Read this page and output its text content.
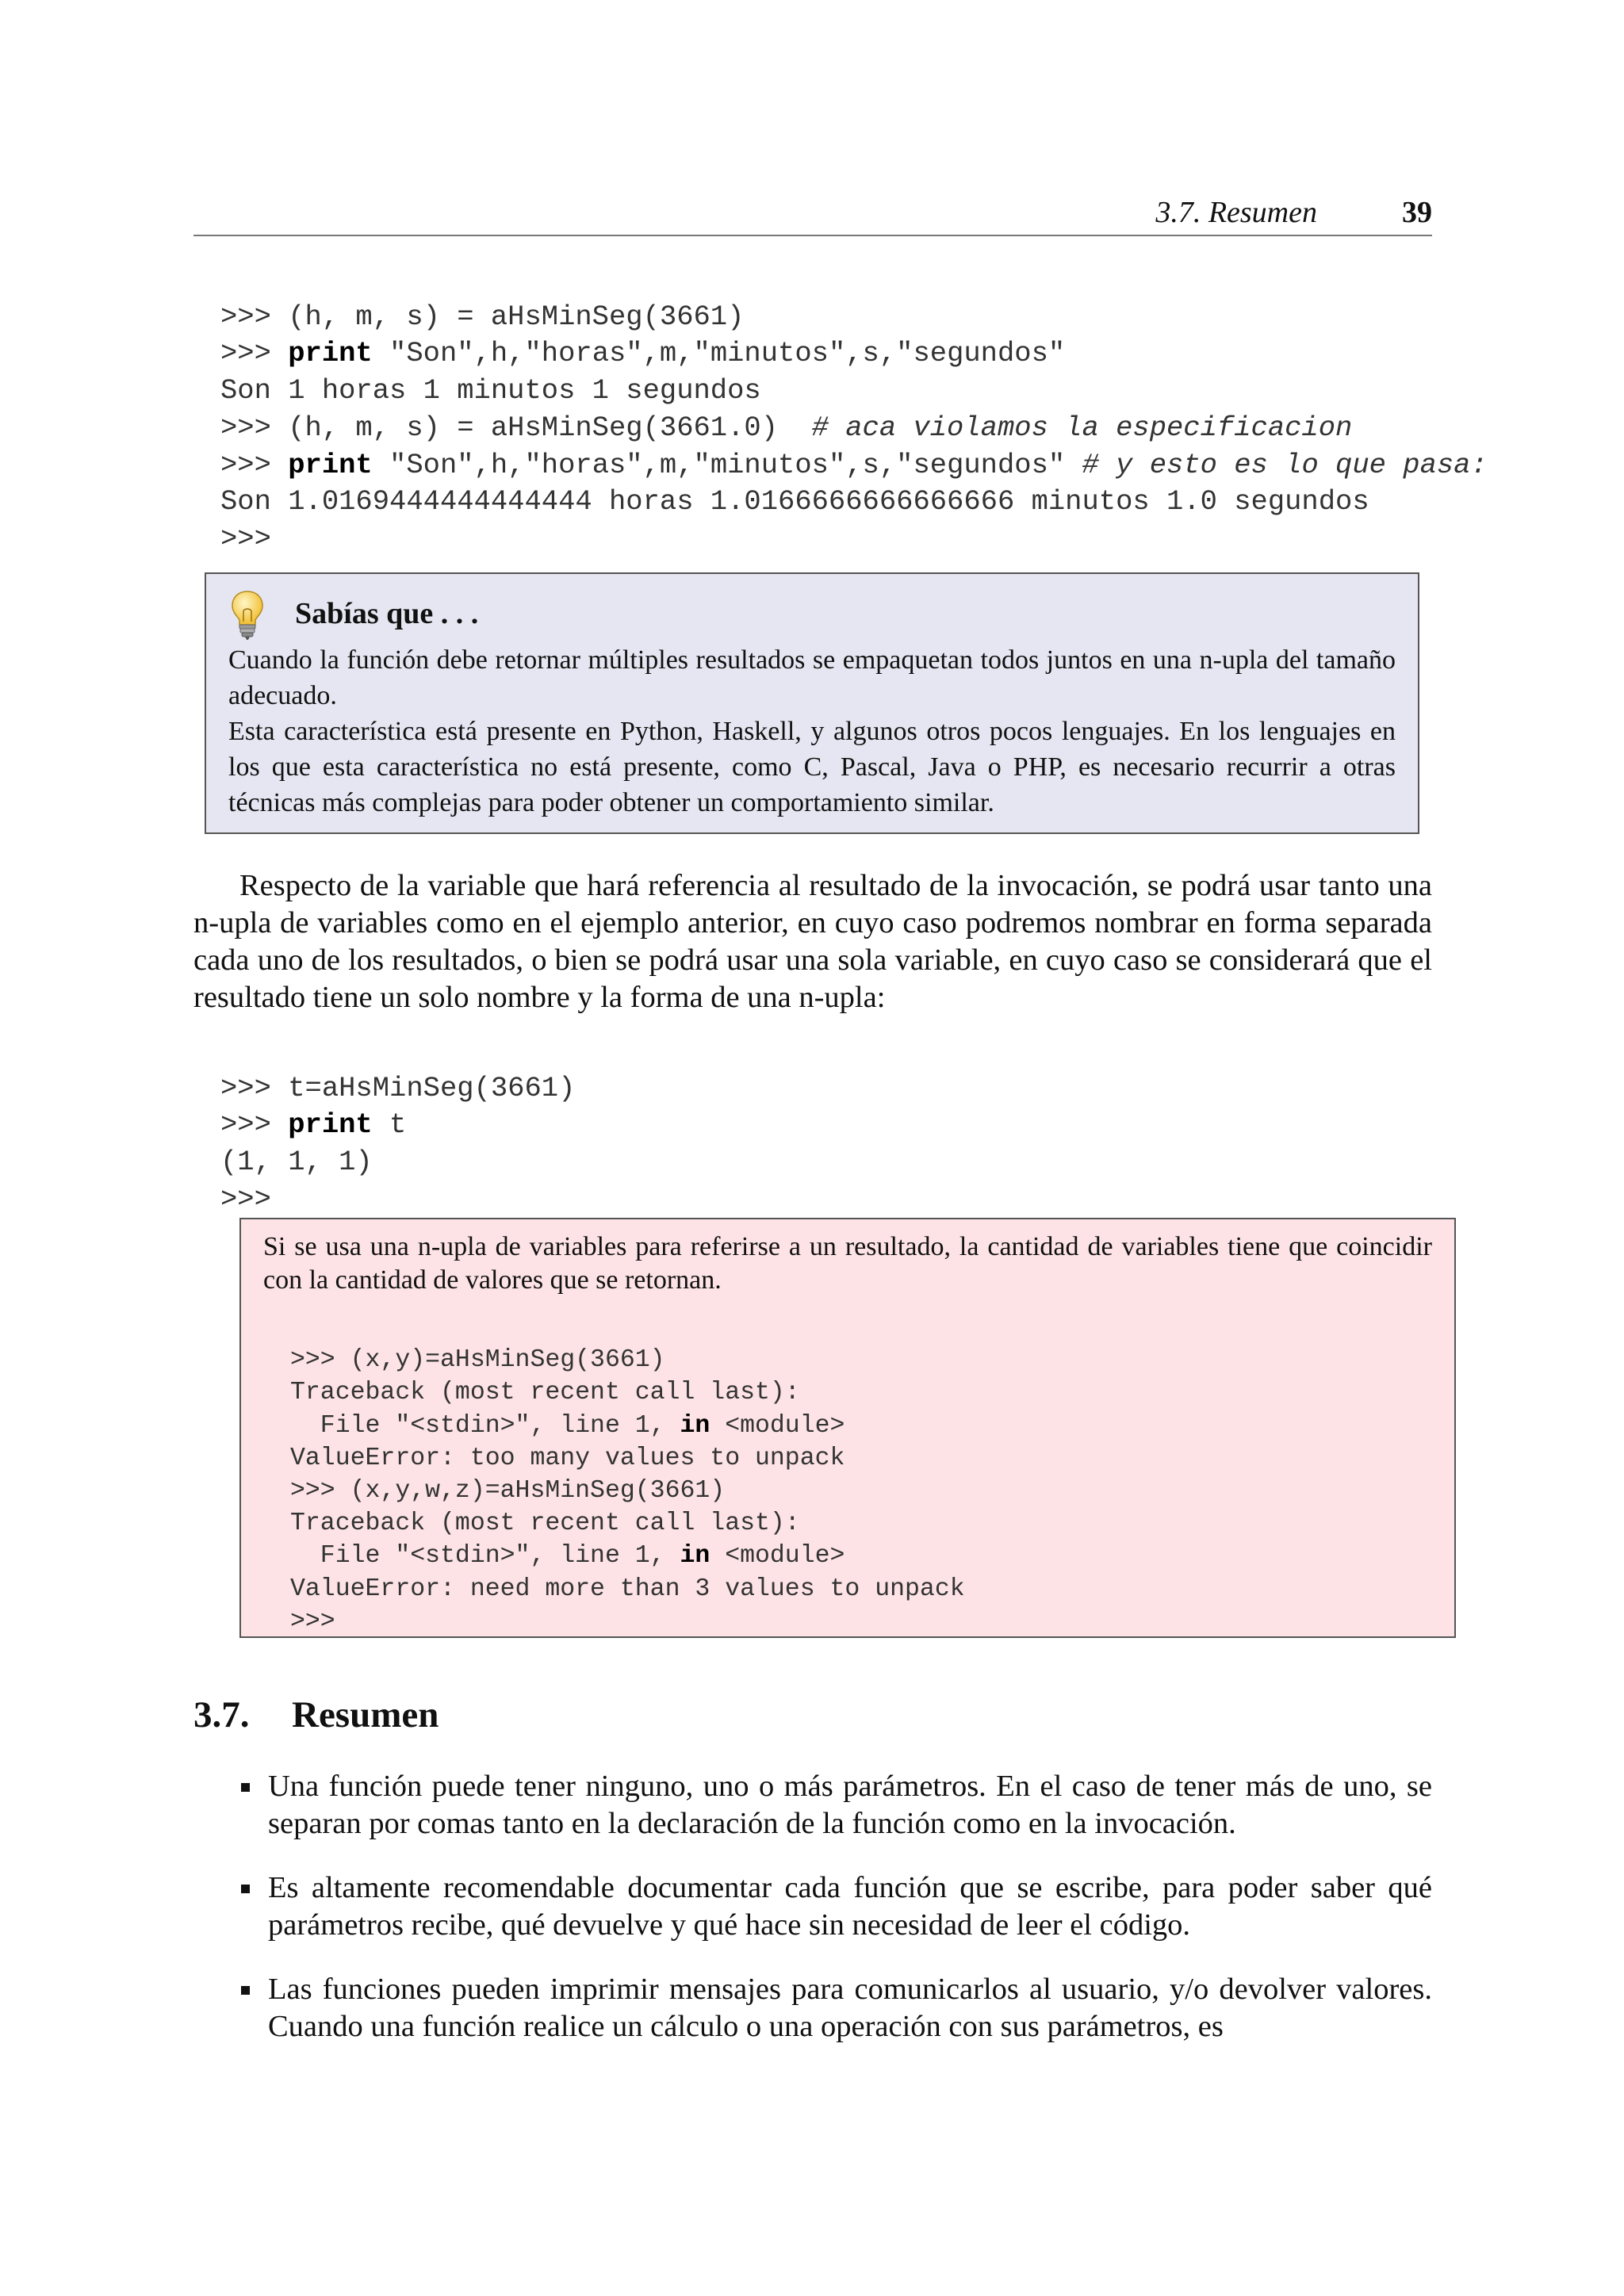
3.7. Resumen	39

>>> (h, m, s) = aHsMinSeg(3661)
>>> print "Son",h,"horas",m,"minutos",s,"segundos"
Son 1 horas 1 minutos 1 segundos
>>> (h, m, s) = aHsMinSeg(3661.0)  # aca violamos la especificacion
>>> print "Son",h,"horas",m,"minutos",s,"segundos" # y esto es lo que pasa:
Son 1.0169444444444444 horas 1.0166666666666666 minutos 1.0 segundos
>>>

Sabías que . . .

Cuando la función debe retornar múltiples resultados se empaquetan todos juntos en una n-upla del tamaño adecuado.

Esta característica está presente en Python, Haskell, y algunos otros pocos lenguajes. En los lenguajes en los que esta característica no está presente, como C, Pascal, Java o PHP, es necesario recurrir a otras técnicas más complejas para poder obtener un comportamiento similar.

Respecto de la variable que hará referencia al resultado de la invocación, se podrá usar tanto una n-upla de variables como en el ejemplo anterior, en cuyo caso podremos nombrar en forma separada cada uno de los resultados, o bien se podrá usar una sola variable, en cuyo caso se considerará que el resultado tiene un solo nombre y la forma de una n-upla:

>>> t=aHsMinSeg(3661)
>>> print t
(1, 1, 1)
>>>

Si se usa una n-upla de variables para referirse a un resultado, la cantidad de variables tiene que coincidir con la cantidad de valores que se retornan.

>>> (x,y)=aHsMinSeg(3661)
Traceback (most recent call last):
File "<stdin>", line 1, in <module>
ValueError: too many values to unpack
>>> (x,y,w,z)=aHsMinSeg(3661)
Traceback (most recent call last):
File "<stdin>", line 1, in <module>
ValueError: need more than 3 values to unpack
>>>

3.7. Resumen
Una función puede tener ninguno, uno o más parámetros. En el caso de tener más de uno, se separan por comas tanto en la declaración de la función como en la invocación.
Es altamente recomendable documentar cada función que se escribe, para poder saber qué parámetros recibe, qué devuelve y qué hace sin necesidad de leer el código.
Las funciones pueden imprimir mensajes para comunicarlos al usuario, y/o devolver valores. Cuando una función realice un cálculo o una operación con sus parámetros, es
